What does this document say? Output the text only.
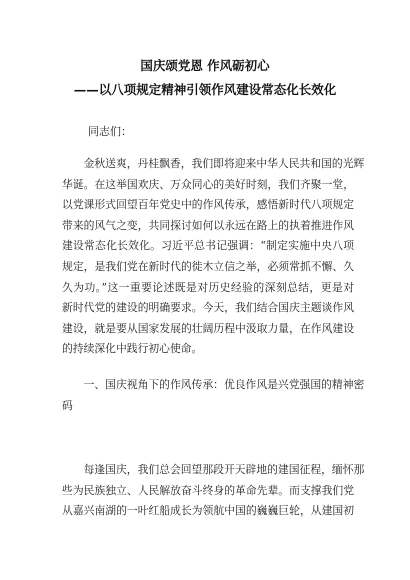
国庆颂党恩 作风砺初心
——以八项规定精神引领作风建设常态化长效化
同志们：
　　金秋送爽，丹桂飘香，我们即将迎来中华人民共和国的光辉
华诞。在这举国欢庆、万众同心的美好时刻，我们齐聚一堂，
以党课形式回望百年党史中的作风传承，感悟新时代八项规定
带来的风气之变，共同探讨如何以永远在路上的执着推进作风
建设常态化长效化。习近平总书记强调：“制定实施中央八项
规定，是我们党在新时代的徙木立信之举，必须常抓不懈、久
久为功。”这一重要论述既是对历史经验的深刻总结，更是对
新时代党的建设的明确要求。今天，我们结合国庆主题谈作风
建设，就是要从国家发展的壮阔历程中汲取力量，在作风建设
的持续深化中践行初心使命。
　　一、国庆视角下的作风传承：优良作风是兴党强国的精神密
码
　　每逢国庆，我们总会回望那段开天辟地的建国征程，缅怀那
些为民族独立、人民解放奋斗终身的革命先辈。而支撑我们党
从嘉兴南湖的一叶红船成长为领航中国的巍巍巨轮，从建国初
